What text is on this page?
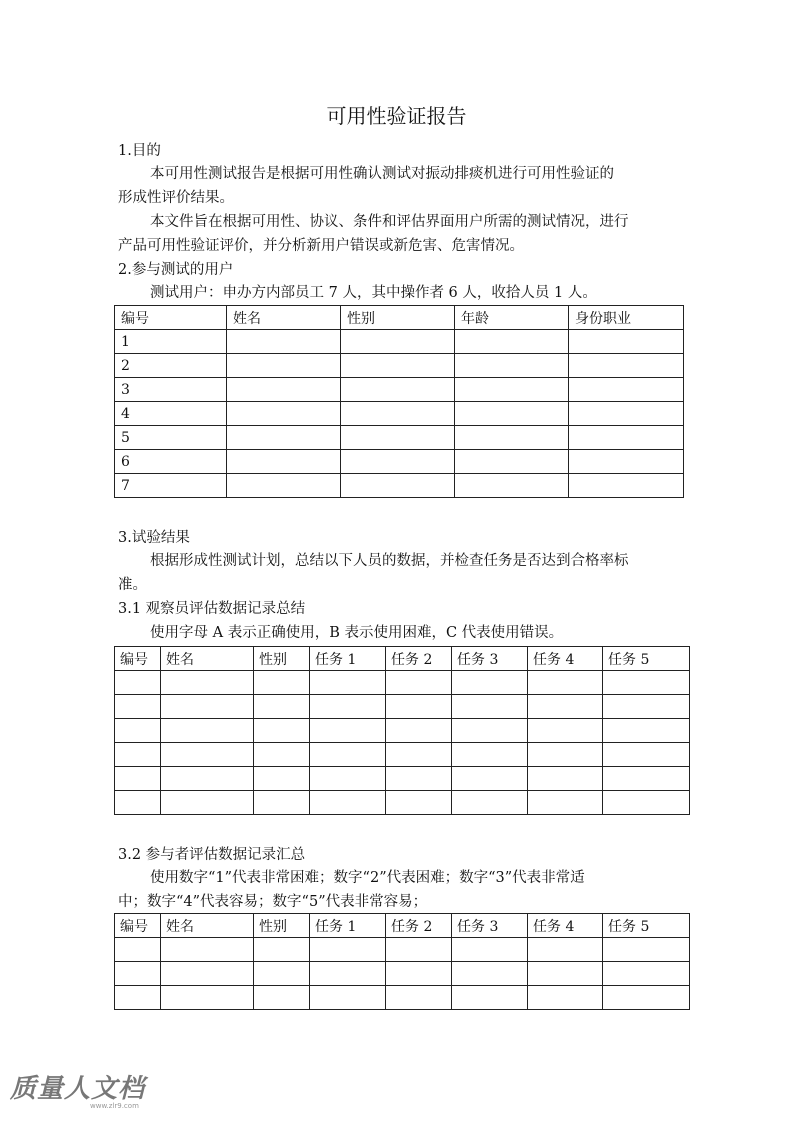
可用性验证报告
1.目的
本可用性测试报告是根据可用性确认测试对振动排痰机进行可用性验证的
形成性评价结果。
本文件旨在根据可用性、协议、条件和评估界面用户所需的测试情况，进行
产品可用性验证评价，并分析新用户错误或新危害、危害情况。
2.参与测试的用户
测试用户：申办方内部员工 7 人，其中操作者 6 人，收拾人员 1 人。
编号	姓名	性别	年龄	身份职业
1				
2				
3				
4				
5				
6				
7				
3.试验结果
根据形成性测试计划，总结以下人员的数据，并检查任务是否达到合格率标
准。
3.1 观察员评估数据记录总结
使用字母 A 表示正确使用，B 表示使用困难，C 代表使用错误。
编号	姓名	性别	任务 1	任务 2	任务 3	任务 4	任务 5

3.2 参与者评估数据记录汇总
使用数字“1”代表非常困难；数字“2”代表困难；数字“3”代表非常适
中；数字“4”代表容易；数字“5”代表非常容易；
编号	姓名	性别	任务 1	任务 2	任务 3	任务 4	任务 5

质量人文档
www.zlr9.com
